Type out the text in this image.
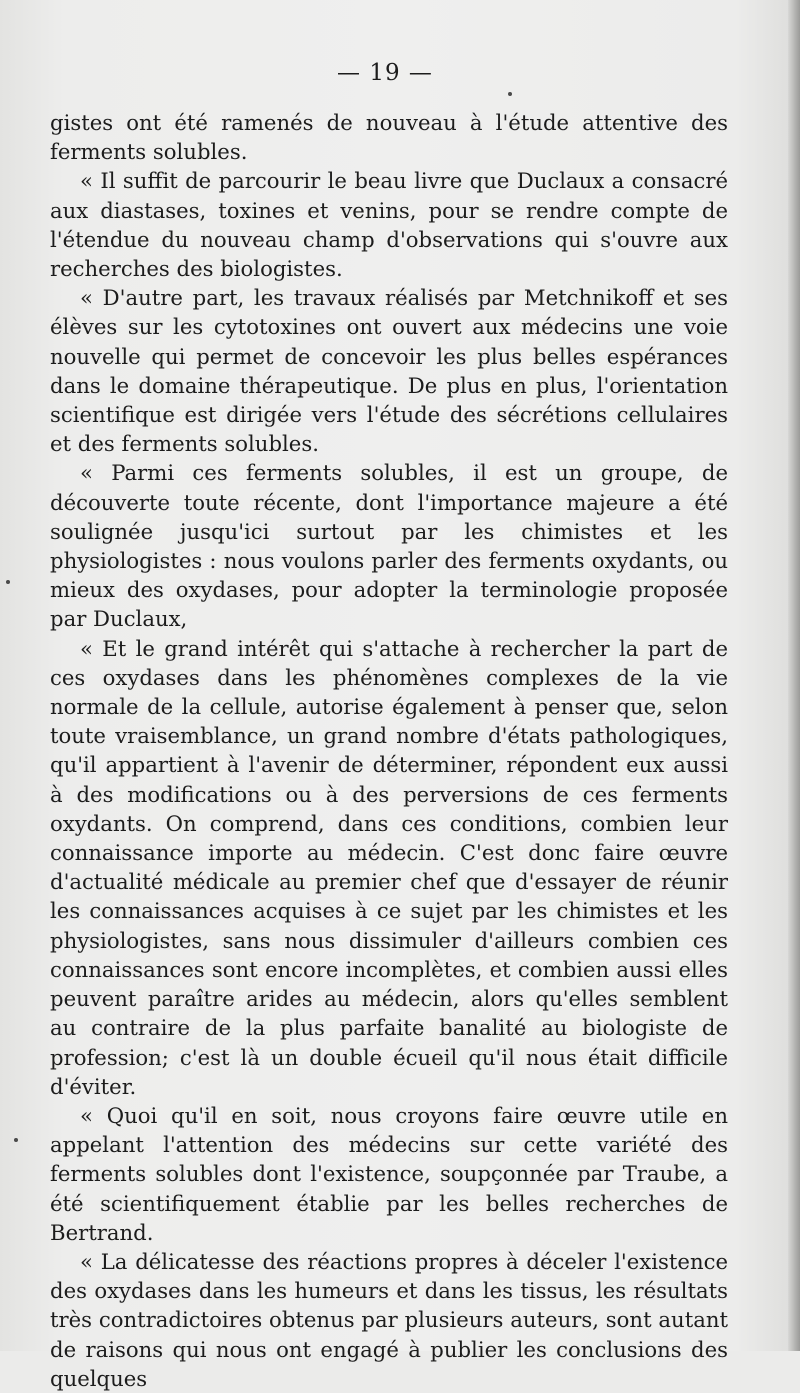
— 19 —

gistes ont été ramenés de nouveau à l'étude attentive des ferments solubles.

« Il suffit de parcourir le beau livre que Duclaux a consacré aux diastases, toxines et venins, pour se rendre compte de l'étendue du nouveau champ d'observations qui s'ouvre aux recherches des biologistes.

« D'autre part, les travaux réalisés par Metchnikoff et ses élèves sur les cytotoxines ont ouvert aux médecins une voie nouvelle qui permet de concevoir les plus belles espérances dans le domaine thérapeutique. De plus en plus, l'orientation scientifique est dirigée vers l'étude des sécrétions cellulaires et des ferments solubles.

« Parmi ces ferments solubles, il est un groupe, de découverte toute récente, dont l'importance majeure a été soulignée jusqu'ici surtout par les chimistes et les physiologistes : nous voulons parler des ferments oxydants, ou mieux des oxydases, pour adopter la terminologie proposée par Duclaux,

« Et le grand intérêt qui s'attache à rechercher la part de ces oxydases dans les phénomènes complexes de la vie normale de la cellule, autorise également à penser que, selon toute vraisemblance, un grand nombre d'états pathologiques, qu'il appartient à l'avenir de déterminer, répondent eux aussi à des modifications ou à des perversions de ces ferments oxydants. On comprend, dans ces conditions, combien leur connaissance importe au médecin. C'est donc faire œuvre d'actualité médicale au premier chef que d'essayer de réunir les connaissances acquises à ce sujet par les chimistes et les physiologistes, sans nous dissimuler d'ailleurs combien ces connaissances sont encore incomplètes, et combien aussi elles peuvent paraître arides au médecin, alors qu'elles semblent au contraire de la plus parfaite banalité au biologiste de profession; c'est là un double écueil qu'il nous était difficile d'éviter.

« Quoi qu'il en soit, nous croyons faire œuvre utile en appelant l'attention des médecins sur cette variété des ferments solubles dont l'existence, soupçonnée par Traube, a été scientifiquement établie par les belles recherches de Bertrand.

« La délicatesse des réactions propres à déceler l'existence des oxydases dans les humeurs et dans les tissus, les résultats très contradictoires obtenus par plusieurs auteurs, sont autant de raisons qui nous ont engagé à publier les conclusions des quelques
